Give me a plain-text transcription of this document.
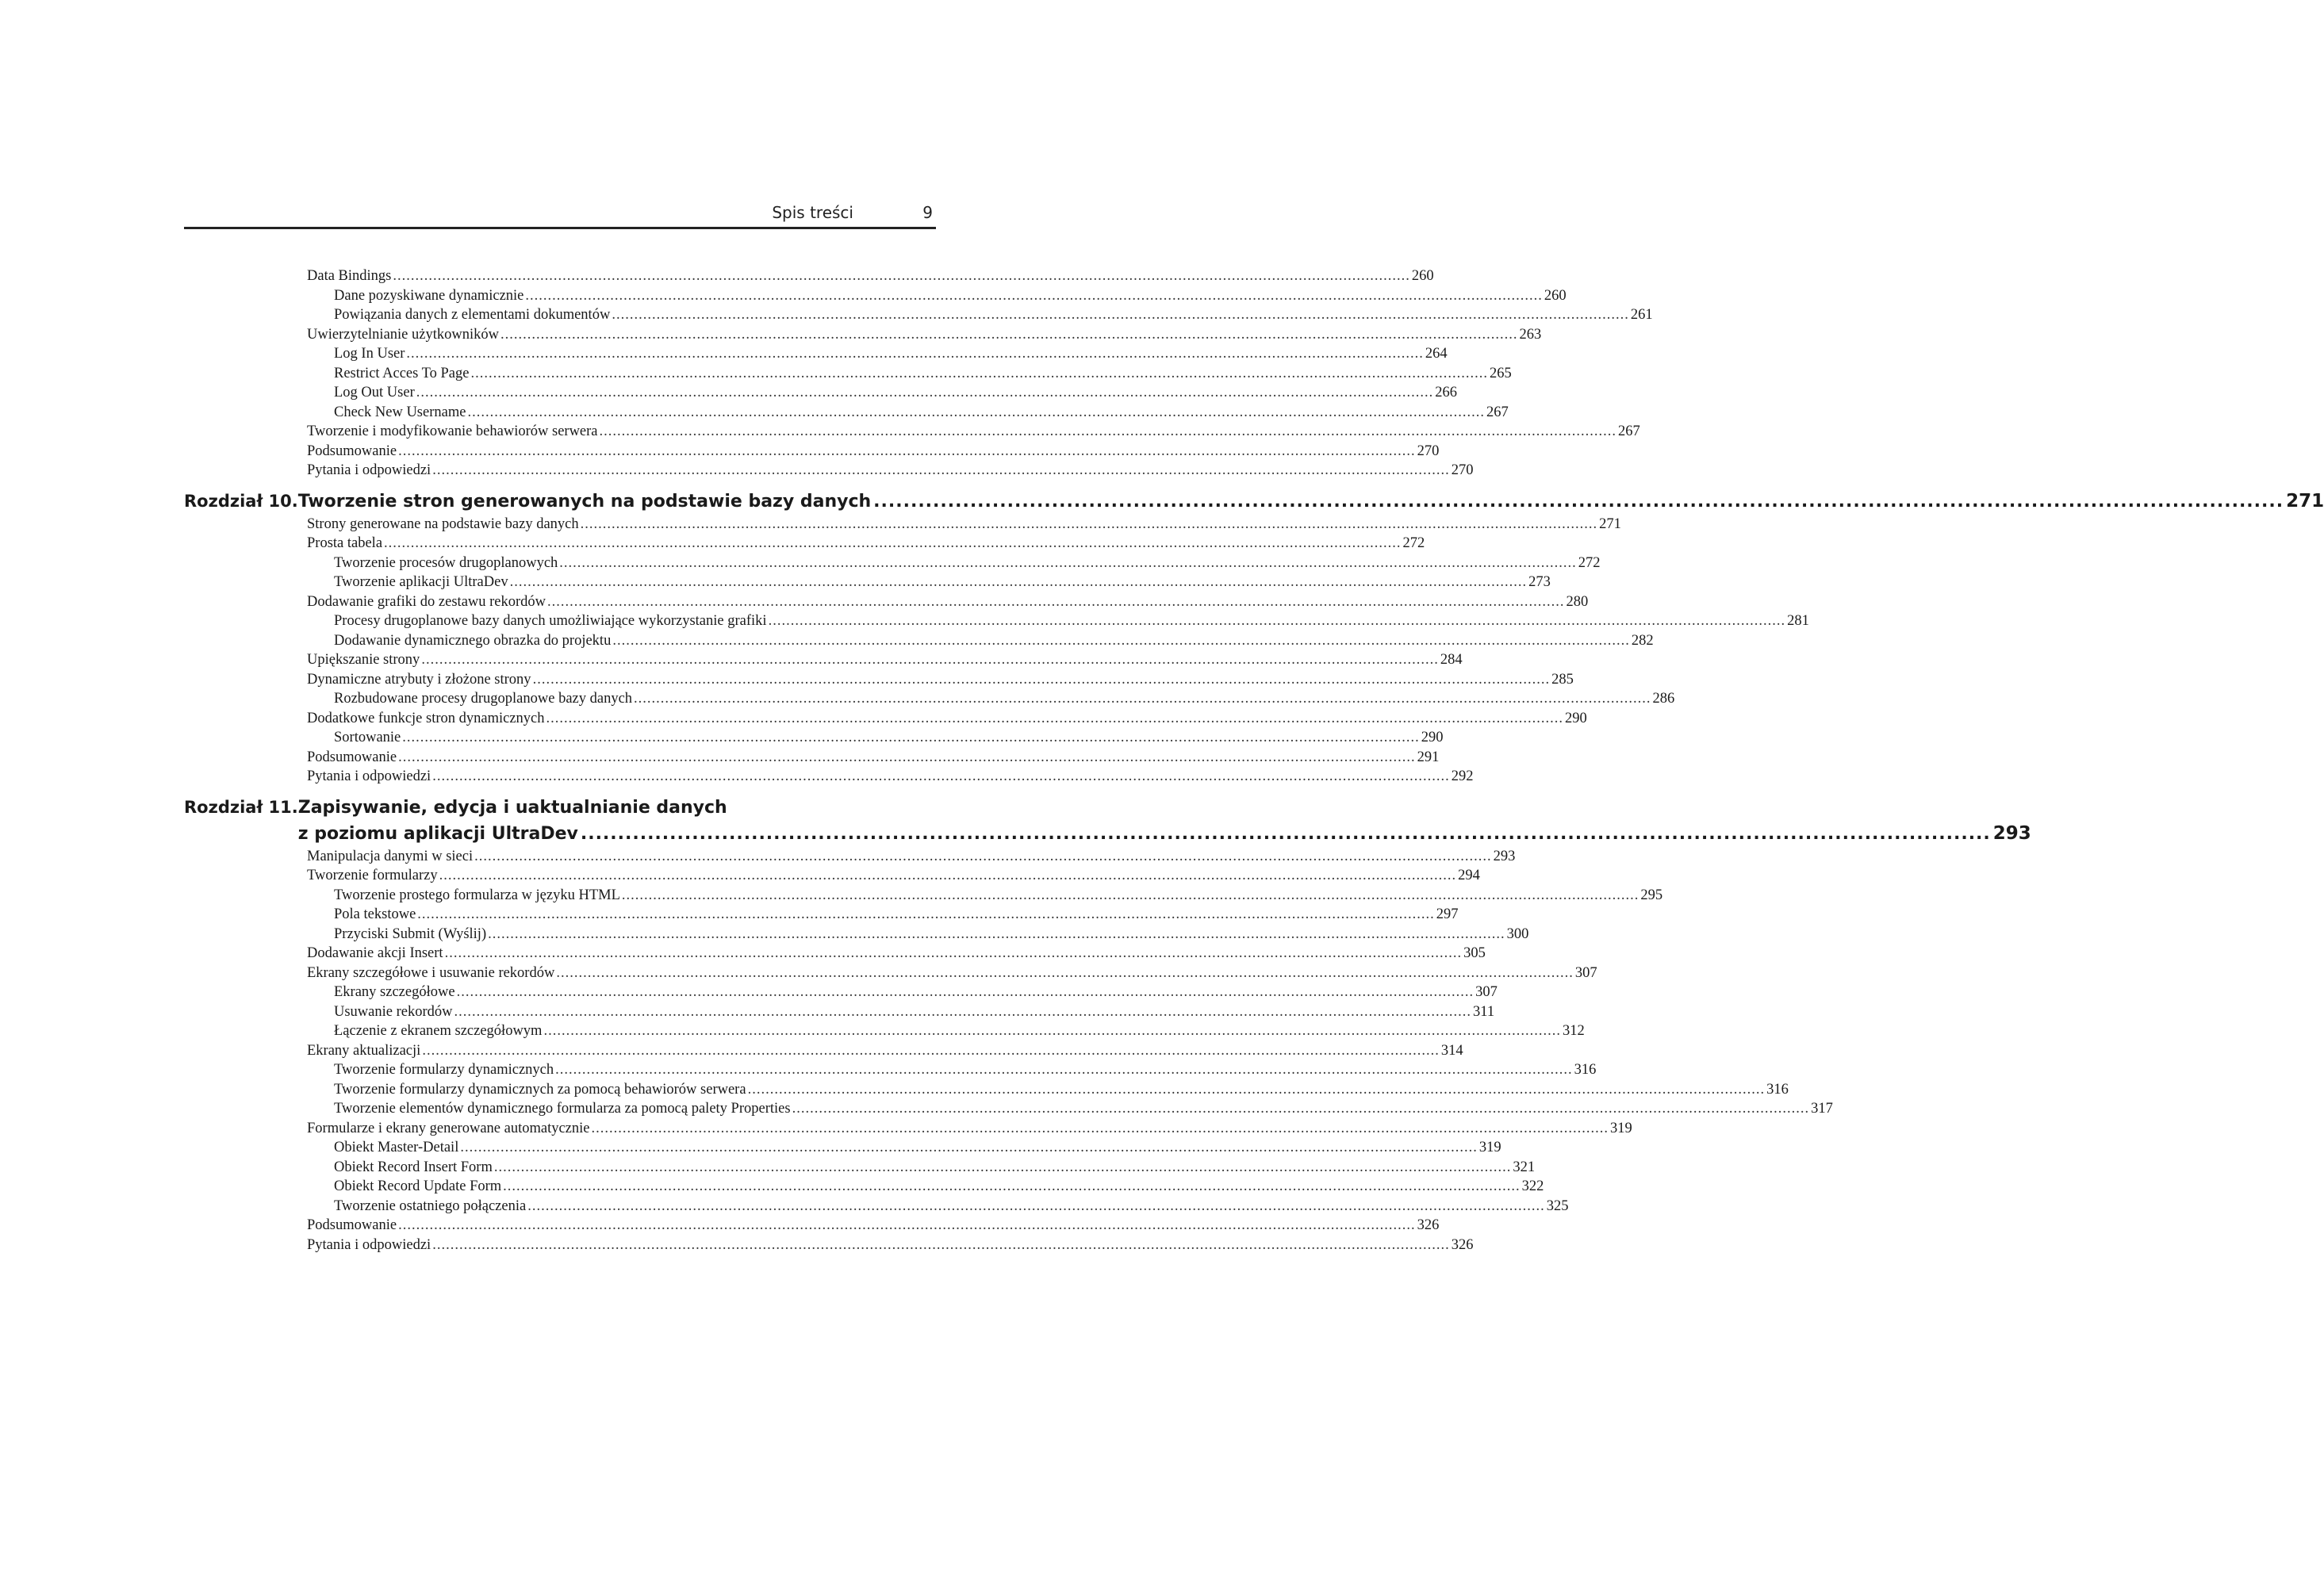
Spis treści	9
Data Bindings .....	260
Dane pozyskiwane dynamicznie .....	260
Powiązania danych z elementami dokumentów .....	261
Uwierzytelnianie użytkowników .....	263
Log In User .....	264
Restrict Acces To Page .....	265
Log Out User .....	266
Check New Username .....	267
Tworzenie i modyfikowanie behawiorów serwera .....	267
Podsumowanie .....	270
Pytania i odpowiedzi .....	270
Rozdział 10. Tworzenie stron generowanych na podstawie bazy danych .....	271
Strony generowane na podstawie bazy danych .....	271
Prosta tabela .....	272
Tworzenie procesów drugoplanowych .....	272
Tworzenie aplikacji UltraDev .....	273
Dodawanie grafiki do zestawu rekordów .....	280
Procesy drugoplanowe bazy danych umożliwiające wykorzystanie grafiki .....	281
Dodawanie dynamicznego obrazka do projektu .....	282
Upiększanie strony .....	284
Dynamiczne atrybuty i złożone strony .....	285
Rozbudowane procesy drugoplanowe bazy danych .....	286
Dodatkowe funkcje stron dynamicznych .....	290
Sortowanie .....	290
Podsumowanie .....	291
Pytania i odpowiedzi .....	292
Rozdział 11. Zapisywanie, edycja i uaktualnianie danych
z poziomu aplikacji UltraDev .....	293
Manipulacja danymi w sieci .....	293
Tworzenie formularzy .....	294
Tworzenie prostego formularza w języku HTML .....	295
Pola tekstowe .....	297
Przyciski Submit (Wyślij) .....	300
Dodawanie akcji Insert .....	305
Ekrany szczegółowe i usuwanie rekordów .....	307
Ekrany szczegółowe .....	307
Usuwanie rekordów .....	311
Łączenie z ekranem szczegółowym .....	312
Ekrany aktualizacji .....	314
Tworzenie formularzy dynamicznych .....	316
Tworzenie formularzy dynamicznych za pomocą behawiorów serwera .....	316
Tworzenie elementów dynamicznego formularza za pomocą palety Properties .....	317
Formularze i ekrany generowane automatycznie .....	319
Obiekt Master-Detail .....	319
Obiekt Record Insert Form .....	321
Obiekt Record Update Form .....	322
Tworzenie ostatniego połączenia .....	325
Podsumowanie .....	326
Pytania i odpowiedzi .....	326
